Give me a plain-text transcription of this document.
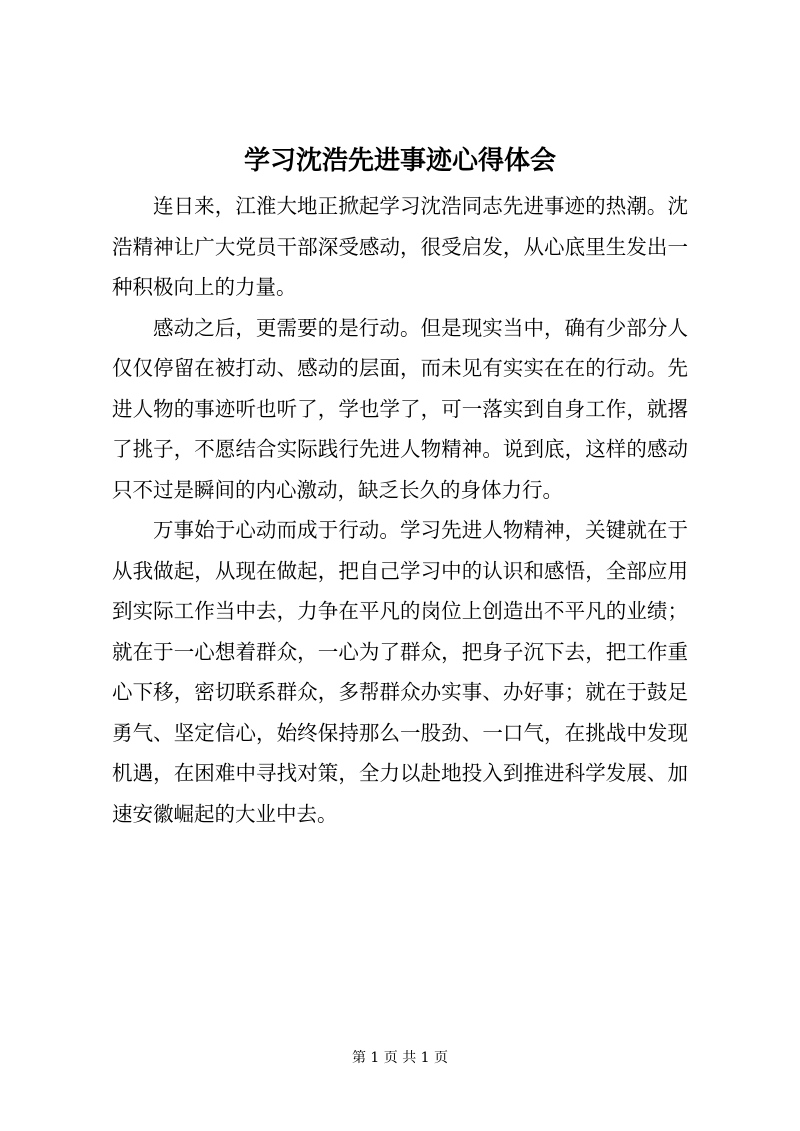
学习沈浩先进事迹心得体会

连日来，江淮大地正掀起学习沈浩同志先进事迹的热潮。沈浩精神让广大党员干部深受感动，很受启发，从心底里生发出一种积极向上的力量。

感动之后，更需要的是行动。但是现实当中，确有少部分人仅仅停留在被打动、感动的层面，而未见有实实在在的行动。先进人物的事迹听也听了，学也学了，可一落实到自身工作，就撂了挑子，不愿结合实际践行先进人物精神。说到底，这样的感动只不过是瞬间的内心激动，缺乏长久的身体力行。

万事始于心动而成于行动。学习先进人物精神，关键就在于从我做起，从现在做起，把自己学习中的认识和感悟，全部应用到实际工作当中去，力争在平凡的岗位上创造出不平凡的业绩；就在于一心想着群众，一心为了群众，把身子沉下去，把工作重心下移，密切联系群众，多帮群众办实事、办好事；就在于鼓足勇气、坚定信心，始终保持那么一股劲、一口气，在挑战中发现机遇，在困难中寻找对策，全力以赴地投入到推进科学发展、加速安徽崛起的大业中去。

第 1 页 共 1 页
